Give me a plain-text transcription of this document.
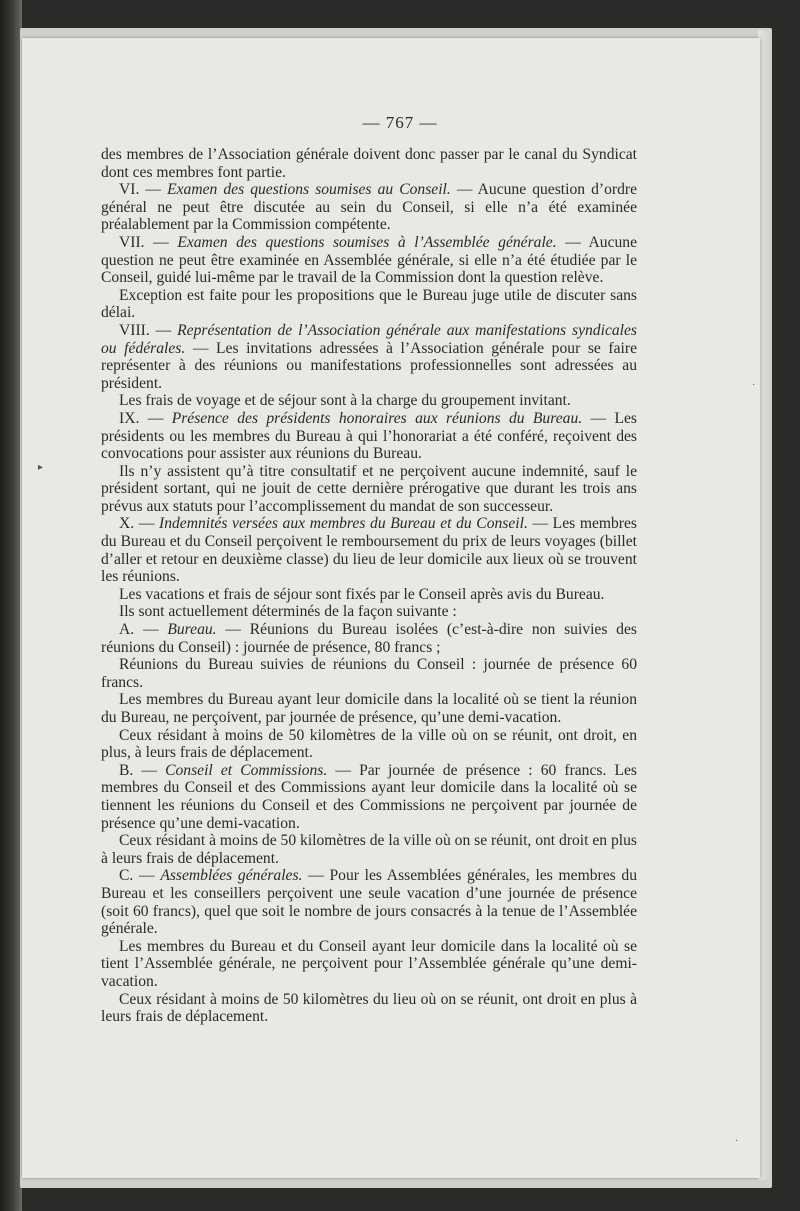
— 767 —

des membres de l’Association générale doivent donc passer par le canal du Syndicat dont ces membres font partie.

VI. — Examen des questions soumises au Conseil. — Aucune question d’ordre général ne peut être discutée au sein du Conseil, si elle n’a été examinée préalablement par la Commission compétente.

VII. — Examen des questions soumises à l’Assemblée générale. — Aucune question ne peut être examinée en Assemblée générale, si elle n’a été étudiée par le Conseil, guidé lui-même par le travail de la Commission dont la question relève.

Exception est faite pour les propositions que le Bureau juge utile de discuter sans délai.

VIII. — Représentation de l’Association générale aux manifestations syndicales ou fédérales. — Les invitations adressées à l’Association générale pour se faire représenter à des réunions ou manifestations professionnelles sont adressées au président.

Les frais de voyage et de séjour sont à la charge du groupement invitant.

IX. — Présence des présidents honoraires aux réunions du Bureau. — Les présidents ou les membres du Bureau à qui l’honorariat a été conféré, reçoivent des convocations pour assister aux réunions du Bureau.

Ils n’y assistent qu’à titre consultatif et ne perçoivent aucune indemnité, sauf le président sortant, qui ne jouit de cette dernière prérogative que durant les trois ans prévus aux statuts pour l’accomplissement du mandat de son successeur.

X. — Indemnités versées aux membres du Bureau et du Conseil. — Les membres du Bureau et du Conseil perçoivent le remboursement du prix de leurs voyages (billet d’aller et retour en deuxième classe) du lieu de leur domicile aux lieux où se trouvent les réunions.

Les vacations et frais de séjour sont fixés par le Conseil après avis du Bureau.

Ils sont actuellement déterminés de la façon suivante :

A. — Bureau. — Réunions du Bureau isolées (c’est-à-dire non suivies des réunions du Conseil) : journée de présence, 80 francs ;

Réunions du Bureau suivies de réunions du Conseil : journée de présence 60 francs.

Les membres du Bureau ayant leur domicile dans la localité où se tient la réunion du Bureau, ne perçoivent, par journée de présence, qu’une demi-vacation.

Ceux résidant à moins de 50 kilomètres de la ville où on se réunit, ont droit, en plus, à leurs frais de déplacement.

B. — Conseil et Commissions. — Par journée de présence : 60 francs. Les membres du Conseil et des Commissions ayant leur domicile dans la localité où se tiennent les réunions du Conseil et des Commissions ne perçoivent par journée de présence qu’une demi-vacation.

Ceux résidant à moins de 50 kilomètres de la ville où on se réunit, ont droit en plus à leurs frais de déplacement.

C. — Assemblées générales. — Pour les Assemblées générales, les membres du Bureau et les conseillers perçoivent une seule vacation d’une journée de présence (soit 60 francs), quel que soit le nombre de jours consacrés à la tenue de l’Assemblée générale.

Les membres du Bureau et du Conseil ayant leur domicile dans la localité où se tient l’Assemblée générale, ne perçoivent pour l’Assemblée générale qu’une demi-vacation.

Ceux résidant à moins de 50 kilomètres du lieu où on se réunit, ont droit en plus à leurs frais de déplacement.

▸
·
·
